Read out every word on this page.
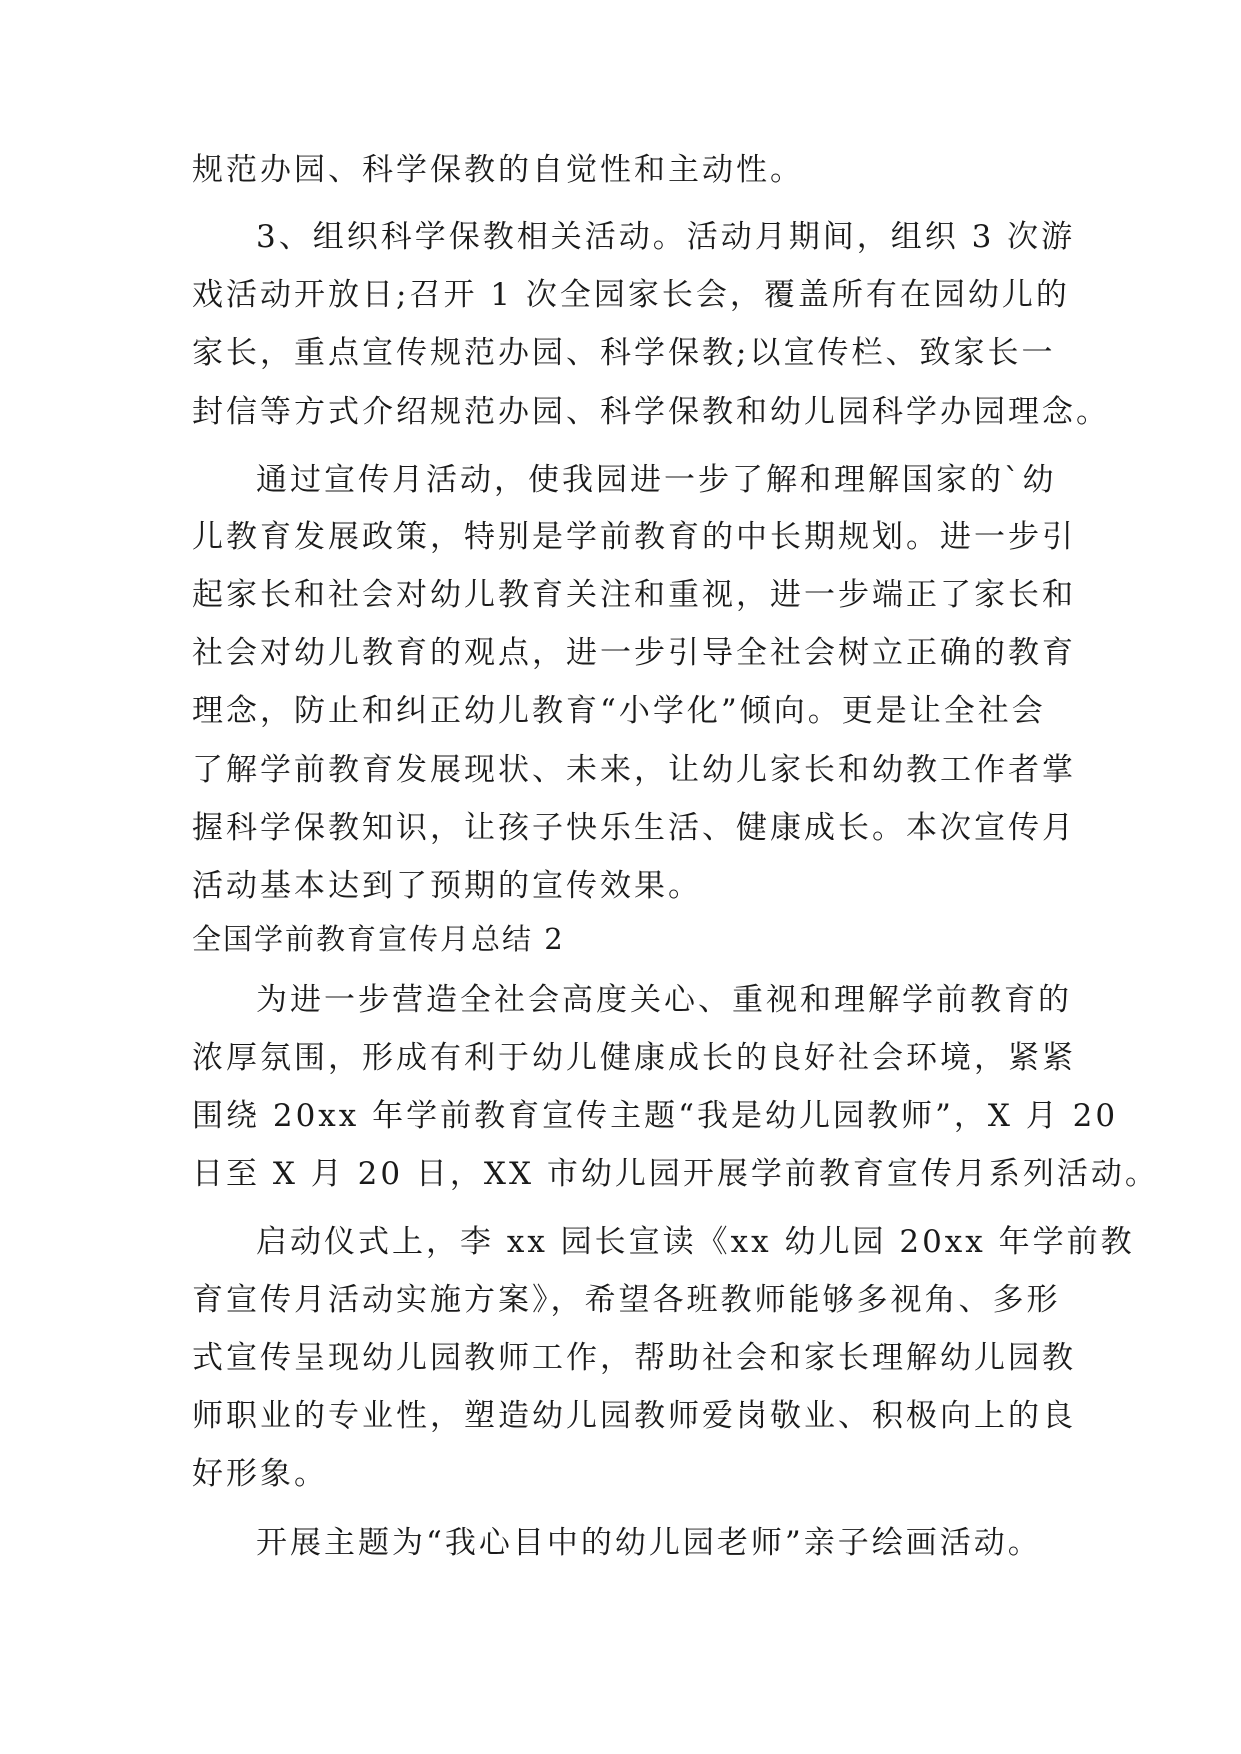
规范办园、科学保教的自觉性和主动性。
3、组织科学保教相关活动。活动月期间，组织 3 次游
戏活动开放日;召开 1 次全园家长会，覆盖所有在园幼儿的
家长，重点宣传规范办园、科学保教;以宣传栏、致家长一
封信等方式介绍规范办园、科学保教和幼儿园科学办园理念。
通过宣传月活动，使我园进一步了解和理解国家的`幼
儿教育发展政策，特别是学前教育的中长期规划。进一步引
起家长和社会对幼儿教育关注和重视，进一步端正了家长和
社会对幼儿教育的观点，进一步引导全社会树立正确的教育
理念，防止和纠正幼儿教育“小学化”倾向。更是让全社会
了解学前教育发展现状、未来，让幼儿家长和幼教工作者掌
握科学保教知识，让孩子快乐生活、健康成长。本次宣传月
活动基本达到了预期的宣传效果。
全国学前教育宣传月总结 2
为进一步营造全社会高度关心、重视和理解学前教育的
浓厚氛围，形成有利于幼儿健康成长的良好社会环境，紧紧
围绕 20xx 年学前教育宣传主题“我是幼儿园教师”，X 月 20
日至 X 月 20 日，XX 市幼儿园开展学前教育宣传月系列活动。
启动仪式上，李 xx 园长宣读《xx 幼儿园 20xx 年学前教
育宣传月活动实施方案》，希望各班教师能够多视角、多形
式宣传呈现幼儿园教师工作，帮助社会和家长理解幼儿园教
师职业的专业性，塑造幼儿园教师爱岗敬业、积极向上的良
好形象。
开展主题为“我心目中的幼儿园老师”亲子绘画活动。
